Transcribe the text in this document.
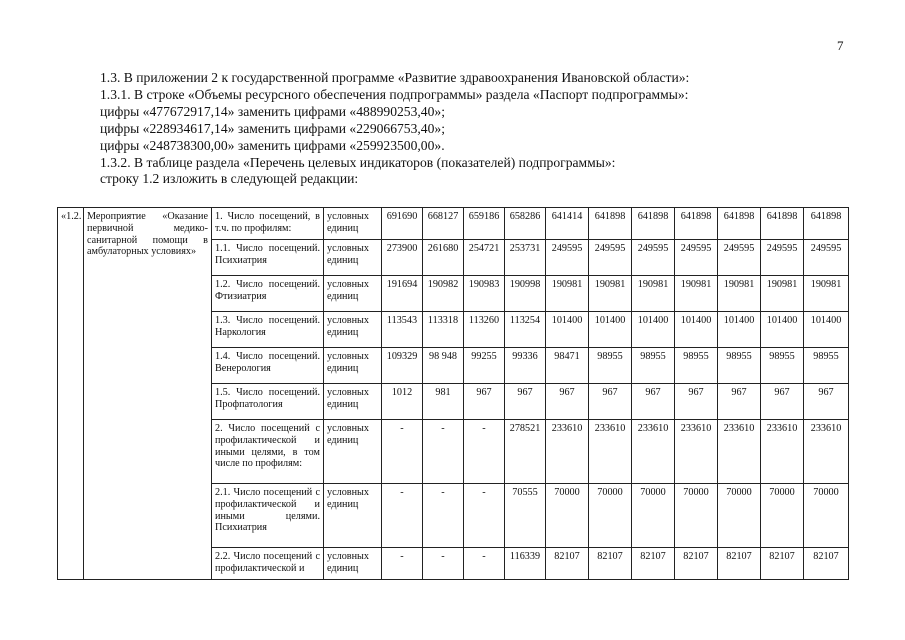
7
1.3. В приложении 2 к государственной программе «Развитие здравоохранения Ивановской области»:
1.3.1. В строке «Объемы ресурсного обеспечения подпрограммы» раздела «Паспорт подпрограммы»:
цифры «477672917,14» заменить цифрами «488990253,40»;
цифры «228934617,14» заменить цифрами «229066753,40»;
цифры «248738300,00» заменить цифрами «259923500,00».
1.3.2. В таблице раздела «Перечень целевых индикаторов (показателей) подпрограммы»:
строку 1.2 изложить в следующей редакции:
«1.2.	Мероприятие «Оказание первичной медико-санитарной помощи в амбулаторных условиях»	1. Число посещений, в т.ч. по профилям:	условных единиц	691690	668127	659186	658286	641414	641898	641898	641898	641898	641898	641898
		1.1. Число посещений. Психиатрия	условных единиц	273900	261680	254721	253731	249595	249595	249595	249595	249595	249595	249595
		1.2. Число посещений. Фтизиатрия	условных единиц	191694	190982	190983	190998	190981	190981	190981	190981	190981	190981	190981
		1.3. Число посещений. Наркология	условных единиц	113543	113318	113260	113254	101400	101400	101400	101400	101400	101400	101400
		1.4. Число посещений. Венерология	условных единиц	109329	98 948	99255	99336	98471	98955	98955	98955	98955	98955	98955
		1.5. Число посещений. Профпатология	условных единиц	1012	981	967	967	967	967	967	967	967	967	967
		2. Число посещений с профилактической и иными целями, в том числе по профилям:	условных единиц	-	-	-	278521	233610	233610	233610	233610	233610	233610	233610
		2.1. Число посещений с профилактической и иными целями. Психиатрия	условных единиц	-	-	-	70555	70000	70000	70000	70000	70000	70000	70000
		2.2. Число посещений с профилактической и	условных единиц	-	-	-	116339	82107	82107	82107	82107	82107	82107	82107
